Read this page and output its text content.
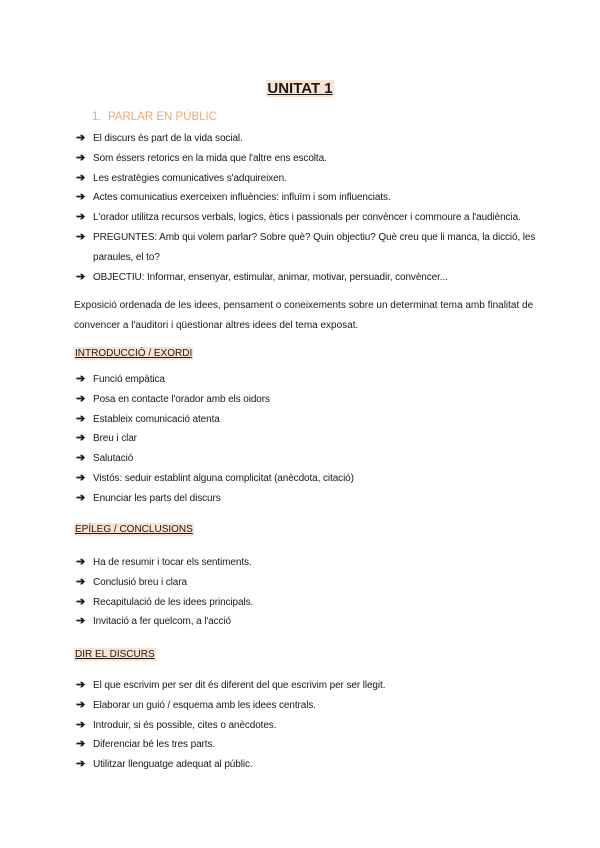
UNITAT 1
1. PARLAR EN PÚBLIC
➔ El discurs és part de la vida social.
➔ Som éssers retorics en la mida que l'altre ens escolta.
➔ Les estratègies comunicatives s'adquireixen.
➔ Actes comunicatius exerceixen influències: influïm i som influenciats.
➔ L'orador utilitza recursos verbals, logics, ètics i passionals per convèncer i commoure a l'audiència.
➔ PREGUNTES: Amb qui volem parlar? Sobre què? Quin objectiu? Què creu que li manca, la dicció, les paraules, el to?
➔ OBJECTIU: Informar, ensenyar, estimular, animar, motivar, persuadir, convèncer...
Exposició ordenada de les idees, pensament o coneixements sobre un determinat tema amb finalitat de convencer a l'auditori i qüestionar altres idees del tema exposat.
INTRODUCCIÓ / EXORDI
➔ Funció empàtica
➔ Posa en contacte l'orador amb els oidors
➔ Estableix comunicació atenta
➔ Breu i clar
➔ Salutació
➔ Vistós: seduir establint alguna complicitat (anècdota, citació)
➔ Enunciar les parts del discurs
EPÍLEG / CONCLUSIONS
➔ Ha de resumir i tocar els sentiments.
➔ Conclusió breu i clara
➔ Recapitulació de les idees principals.
➔ Invitació a fer quelcom, a l'acció
DIR EL DISCURS
➔ El que escrivim per ser dit és diferent del que escrivim per ser llegit.
➔ Elaborar un guió / esquema amb les idees centrals.
➔ Introduir, si és possible, cites o anècdotes.
➔ Diferenciar bé les tres parts.
➔ Utilitzar llenguatge adequat al públic.
